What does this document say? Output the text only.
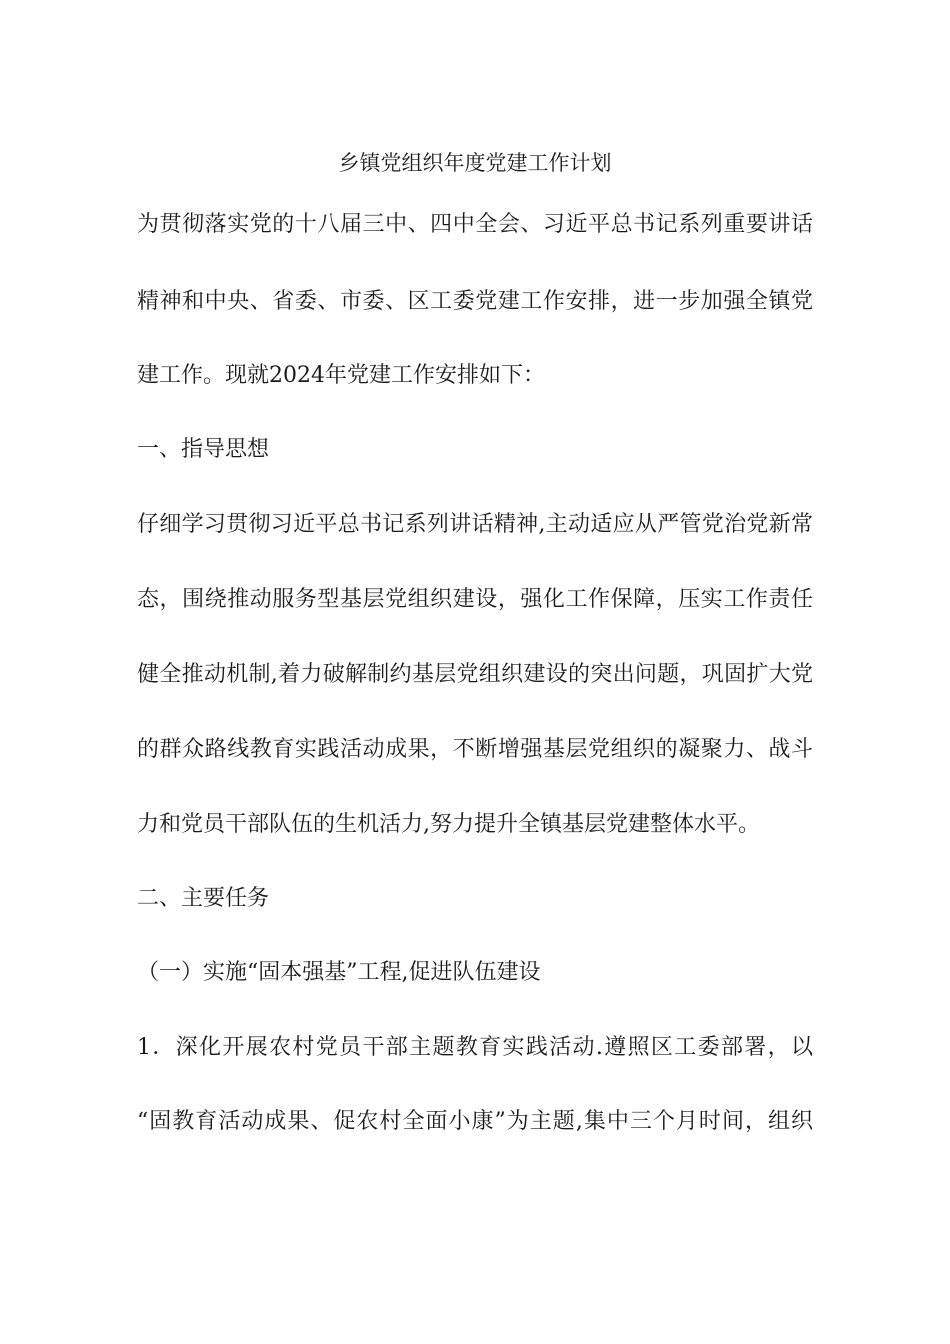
乡镇党组织年度党建工作计划
为贯彻落实党的十八届三中、四中全会、习近平总书记系列重要讲话
精神和中央、省委、市委、区工委党建工作安排，进一步加强全镇党
建工作。现就2024年党建工作安排如下：
一、指导思想
仔细学习贯彻习近平总书记系列讲话精神,主动适应从严管党治党新常
态，围绕推动服务型基层党组织建设，强化工作保障，压实工作责任
健全推动机制,着力破解制约基层党组织建设的突出问题，巩固扩大党
的群众路线教育实践活动成果，不断增强基层党组织的凝聚力、战斗
力和党员干部队伍的生机活力,努力提升全镇基层党建整体水平。
二、主要任务
（一）实施“固本强基”工程,促进队伍建设
1．深化开展农村党员干部主题教育实践活动.遵照区工委部署，以
“固教育活动成果、促农村全面小康”为主题,集中三个月时间，组织
